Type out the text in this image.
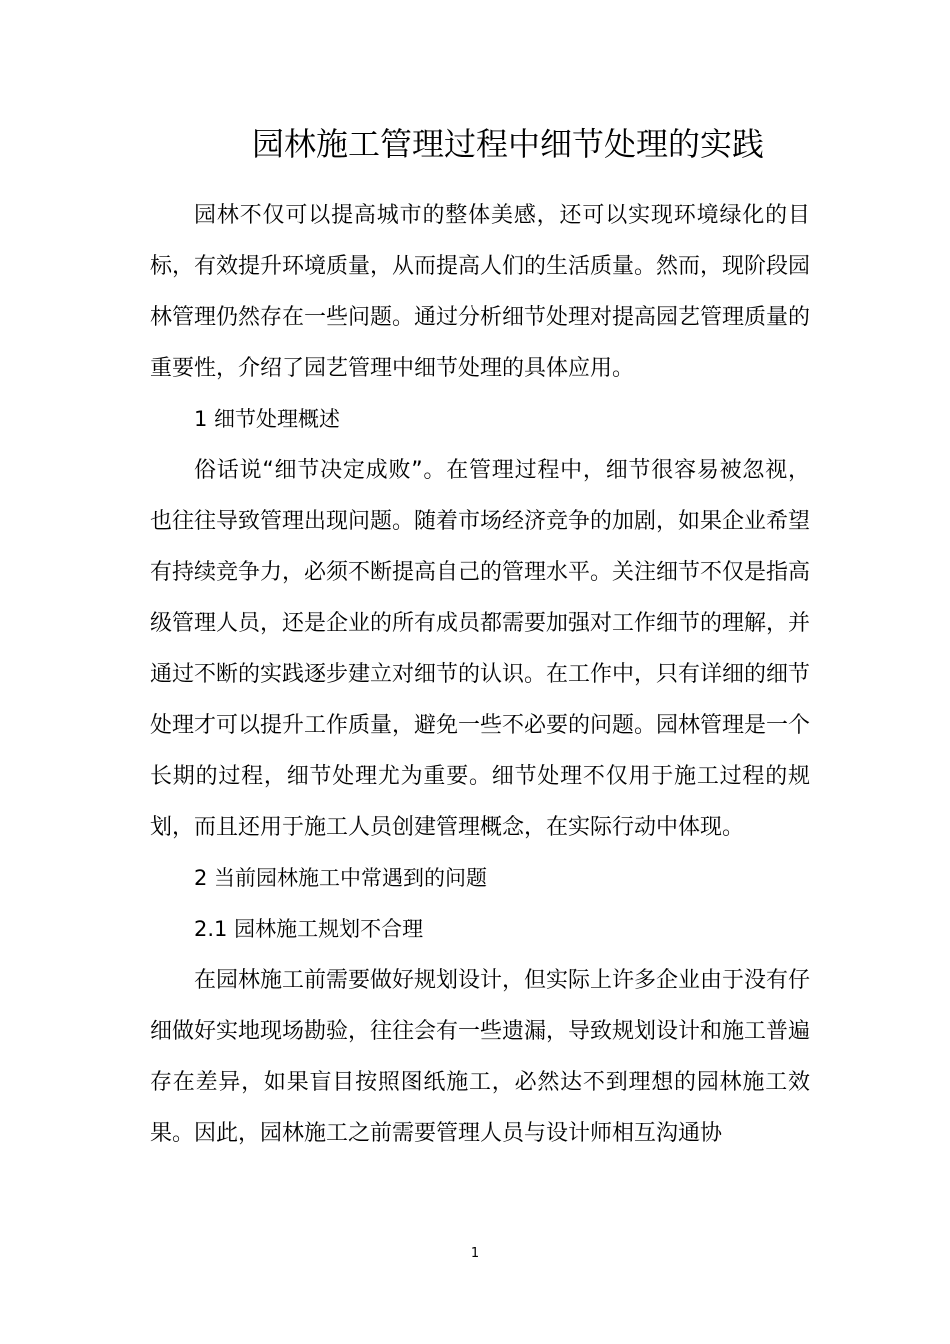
园林施工管理过程中细节处理的实践

园林不仅可以提高城市的整体美感，还可以实现环境绿化的目标，有效提升环境质量，从而提高人们的生活质量。然而，现阶段园林管理仍然存在一些问题。通过分析细节处理对提高园艺管理质量的重要性，介绍了园艺管理中细节处理的具体应用。

1 细节处理概述

俗话说“细节决定成败”。在管理过程中，细节很容易被忽视，也往往导致管理出现问题。随着市场经济竞争的加剧，如果企业希望有持续竞争力，必须不断提高自己的管理水平。关注细节不仅是指高级管理人员，还是企业的所有成员都需要加强对工作细节的理解，并通过不断的实践逐步建立对细节的认识。在工作中，只有详细的细节处理才可以提升工作质量，避免一些不必要的问题。园林管理是一个长期的过程，细节处理尤为重要。细节处理不仅用于施工过程的规划，而且还用于施工人员创建管理概念，在实际行动中体现。

2 当前园林施工中常遇到的问题

2.1 园林施工规划不合理

在园林施工前需要做好规划设计，但实际上许多企业由于没有仔细做好实地现场勘验，往往会有一些遗漏，导致规划设计和施工普遍存在差异，如果盲目按照图纸施工，必然达不到理想的园林施工效果。因此，园林施工之前需要管理人员与设计师相互沟通协

1
